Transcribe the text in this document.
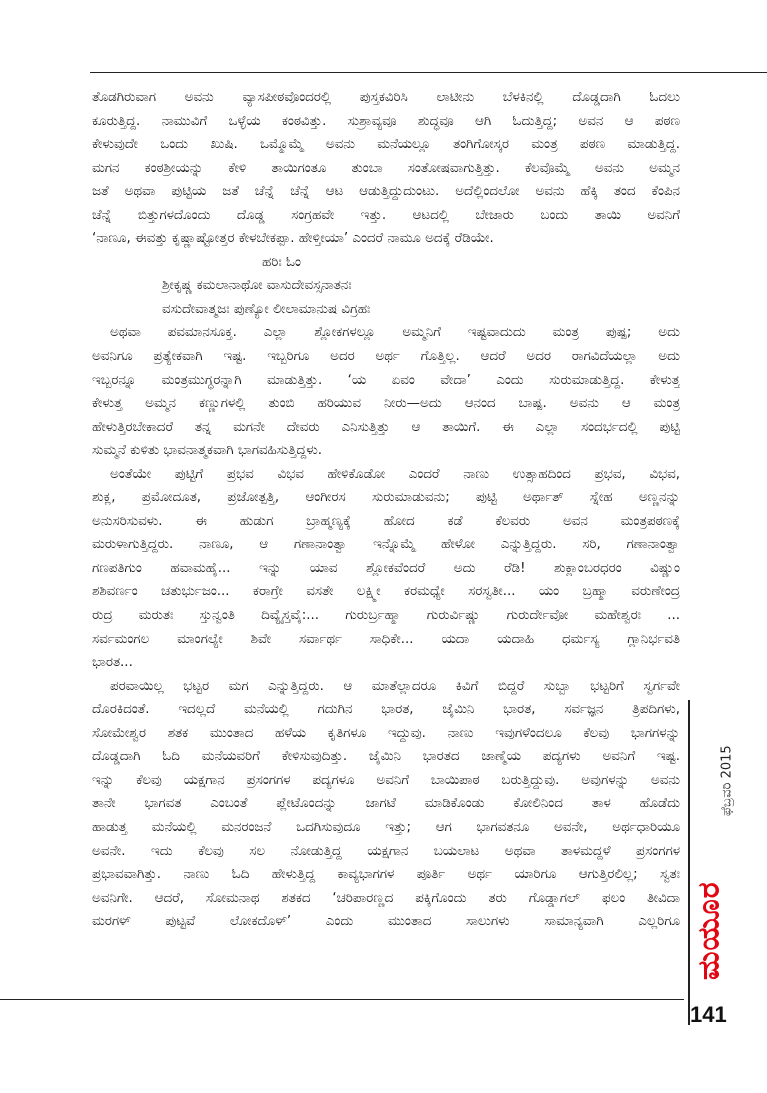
ತೊಡಗಿರುವಾಗ ಅವನು ವ್ಯಾಸಪೀಠವೊಂದರಲ್ಲಿ ಪುಸ್ತಕವಿರಿಸಿ ಲಾಟೀನು ಬೆಳಕಿನಲ್ಲಿ ದೊಡ್ಡದಾಗಿ ಓದಲು
ಕೂರುತ್ತಿದ್ದ. ನಾಮುವಿಗೆ ಒಳ್ಳೆಯ ಕಂಠವಿತ್ತು. ಸುಶ್ರಾವ್ಯವೂ ಶುದ್ಧವೂ ಆಗಿ ಓದುತ್ತಿದ್ದ; ಅವನ ಆ ಪಠಣ
ಕೇಳುವುದೇ ಒಂದು ಖುಷಿ. ಒಮ್ಮೊಮ್ಮೆ ಅವನು ಮನೆಯಲ್ಲೂ ತಂಗಿಗೋಸ್ಕರ ಮಂತ್ರ ಪಠಣ ಮಾಡುತ್ತಿದ್ದ.
ಮಗನ ಕಂಠಶ್ರೀಯನ್ನು ಕೇಳಿ ತಾಯಿಗಂತೂ ತುಂಬಾ ಸಂತೋಷವಾಗುತ್ತಿತ್ತು. ಕೆಲವೊಮ್ಮೆ ಅವನು ಅಮ್ಮನ
ಜತೆ ಅಥವಾ ಪುಟ್ಟಿಯ ಜತೆ ಚೆನ್ನೆ ಚೆನ್ನೆ ಆಟ ಆಡುತ್ತಿದ್ದುದುಂಟು. ಅದೆಲ್ಲಿಂದಲೋ ಅವನು ಹೆಕ್ಕಿ ತಂದ ಕೆಂಪಿನ
ಚೆನ್ನೆ ಬಿತ್ತುಗಳದೊಂದು ದೊಡ್ಡ ಸಂಗ್ರಹವೇ ಇತ್ತು. ಆಟದಲ್ಲಿ ಬೇಜಾರು ಬಂದು ತಾಯಿ ಅವನಿಗೆ
‘ನಾಣೂ, ಈವತ್ತು ಕೃಷ್ಣಾಷ್ಟೋತ್ತರ ಕೇಳಬೇಕಪ್ಪಾ. ಹೇಳ್ತೀಯಾ’ ಎಂದರೆ ನಾಮೂ ಅದಕ್ಕೆ ರೆಡಿಯೇ.
ಹರಿಃ ಓಂ
ಶ್ರೀಕೃಷ್ಣ ಕಮಲಾನಾಥೋ ವಾಸುದೇವಸ್ಸನಾತನಃ
ವಸುದೇವಾತ್ಮಜಃ ಪುಣ್ಯೋ ಲೀಲಾಮಾನುಷ ವಿಗ್ರಹಃ
ಅಥವಾ ಪವಮಾನಸೂಕ್ತ. ಎಲ್ಲಾ ಶ್ಲೋಕಗಳಲ್ಲೂ ಅಮ್ಮನಿಗೆ ಇಷ್ಟವಾದುದು ಮಂತ್ರ ಪುಷ್ಪ; ಅದು
ಅವನಿಗೂ ಪ್ರತ್ಯೇಕವಾಗಿ ಇಷ್ಟ. ಇಬ್ಬರಿಗೂ ಅದರ ಅರ್ಥ ಗೊತ್ತಿಲ್ಲ. ಆದರೆ ಅದರ ರಾಗವಿದೆಯಲ್ಲಾ ಅದು
ಇಬ್ಬರನ್ನೂ ಮಂತ್ರಮುಗ್ಧರನ್ನಾಗಿ ಮಾಡುತ್ತಿತ್ತು. ‘ಯ ಏವಂ ವೇದಾ’ ಎಂದು ಸುರುಮಾಡುತ್ತಿದ್ದ. ಕೇಳುತ್ತ
ಕೇಳುತ್ತ ಅಮ್ಮನ ಕಣ್ಣುಗಳಲ್ಲಿ ತುಂಬಿ ಹರಿಯುವ ನೀರು—ಅದು ಆನಂದ ಬಾಷ್ಪ. ಅವನು ಆ ಮಂತ್ರ
ಹೇಳುತ್ತಿರಬೇಕಾದರೆ ತನ್ನ ಮಗನೇ ದೇವರು ಎನಿಸುತ್ತಿತ್ತು ಆ ತಾಯಿಗೆ. ಈ ಎಲ್ಲಾ ಸಂದರ್ಭದಲ್ಲಿ ಪುಟ್ಟಿ
ಸುಮ್ಮನೆ ಕುಳಿತು ಭಾವನಾತ್ಮಕವಾಗಿ ಭಾಗವಹಿಸುತ್ತಿದ್ದಳು.
ಅಂತೆಯೇ ಪುಟ್ಟಿಗೆ ಪ್ರಭವ ವಿಭವ ಹೇಳಿಕೊಡೋ ಎಂದರೆ ನಾಣು ಉತ್ಸಾಹದಿಂದ ಪ್ರಭವ, ವಿಭವ,
ಶುಕ್ಲ, ಪ್ರಮೋದೂತ, ಪ್ರಜೋತ್ಪತ್ತಿ, ಆಂಗೀರಸ ಸುರುಮಾಡುವನು; ಪುಟ್ಟಿ ಅರ್ಥಾತ್ ಸ್ನೇಹ ಅಣ್ಣನನ್ನು
ಅನುಸರಿಸುವಳು. ಈ ಹುಡುಗ ಬ್ರಾಹ್ಮಣ್ಯಕ್ಕೆ ಹೋದ ಕಡೆ ಕೆಲವರು ಅವನ ಮಂತ್ರಪಠಣಕ್ಕೆ
ಮರುಳಾಗುತ್ತಿದ್ದರು. ನಾಣೂ, ಆ ಗಣಾನಾಂತ್ವಾ ಇನ್ನೊಮ್ಮೆ ಹೇಳೋ ಎನ್ನುತ್ತಿದ್ದರು. ಸರಿ, ಗಣಾನಾಂತ್ವಾ
ಗಣಪತಿಗುಂ ಹವಾಮಹೈ... ಇನ್ನು ಯಾವ ಶ್ಲೋಕವೆಂದರೆ ಅದು ರೆಡಿ! ಶುಕ್ಲಾಂಬರಧರಂ ವಿಷ್ಣುಂ
ಶಶಿವರ್ಣಂ ಚತುರ್ಭುಜಂ... ಕರಾಗ್ರೇ ವಸತೇ ಲಕ್ಷ್ಮೀ ಕರಮಧ್ಯೇ ಸರಸ್ವತೀ... ಯಂ ಬ್ರಹ್ಮಾ ವರುಣೇಂದ್ರ
ರುದ್ರ ಮರುತಃ ಸ್ತುನ್ವಂತಿ ದಿವ್ಯೈಸ್ತವೈ:... ಗುರುರ್ಬ್ರಹ್ಮಾ ಗುರುರ್ವಿಷ್ಣು ಗುರುರ್ದೇವೋ ಮಹೇಶ್ವರಃ ...
ಸರ್ವಮಂಗಲ ಮಾಂಗಲ್ಯೇ ಶಿವೇ ಸರ್ವಾರ್ಥ ಸಾಧಿಕೇ... ಯದಾ ಯದಾಹಿ ಧರ್ಮಸ್ಯ ಗ್ಲಾನಿರ್ಭವತಿ
ಭಾರತ...
ಪರವಾಯಿಲ್ಲ ಭಟ್ಟರ ಮಗ ಎನ್ನುತ್ತಿದ್ದರು. ಆ ಮಾತೆಲ್ಲಾದರೂ ಕಿವಿಗೆ ಬಿದ್ದರೆ ಸುಬ್ಬಾ ಭಟ್ಟರಿಗೆ ಸ್ವರ್ಗವೇ
ದೊರಕಿದಂತೆ. ಇದಲ್ಲದೆ ಮನೆಯಲ್ಲಿ ಗದುಗಿನ ಭಾರತ, ಜೈಮಿನಿ ಭಾರತ, ಸರ್ವಜ್ಞನ ತ್ರಿಪದಿಗಳು,
ಸೋಮೇಶ್ವರ ಶತಕ ಮುಂತಾದ ಹಳೆಯ ಕೃತಿಗಳೂ ಇದ್ದುವು. ನಾಣು ಇವುಗಳೆಂದಲೂ ಕೆಲವು ಭಾಗಗಳನ್ನು
ದೊಡ್ಡದಾಗಿ ಓದಿ ಮನೆಯವರಿಗೆ ಕೇಳಿಸುವುದಿತ್ತು. ಜೈಮಿನಿ ಭಾರತದ ಜಾಣ್ಮೆಯ ಪದ್ಯಗಳು ಅವನಿಗೆ ಇಷ್ಟ.
ಇನ್ನು ಕೆಲವು ಯಕ್ಷಗಾನ ಪ್ರಸಂಗಗಳ ಪದ್ಯಗಳೂ ಅವನಿಗೆ ಬಾಯಿಪಾಠ ಬರುತ್ತಿದ್ದುವು. ಅವುಗಳನ್ನು ಅವನು
ತಾನೇ ಭಾಗವತ ಎಂಬಂತೆ ಪ್ಲೇಟೊಂದನ್ನು ಜಾಗಟೆ ಮಾಡಿಕೊಂಡು ಕೋಲಿನಿಂದ ತಾಳ ಹೊಡೆದು
ಹಾಡುತ್ತ ಮನೆಯಲ್ಲಿ ಮನರಂಜನೆ ಒದಗಿಸುವುದೂ ಇತ್ತು; ಆಗ ಭಾಗವತನೂ ಅವನೇ, ಅರ್ಥಧಾರಿಯೂ
ಅವನೇ. ಇದು ಕೆಲವು ಸಲ ನೋಡುತ್ತಿದ್ದ ಯಕ್ಷಗಾನ ಬಯಲಾಟ ಅಥವಾ ತಾಳಮದ್ದಳೆ ಪ್ರಸಂಗಗಳ
ಪ್ರಭಾವವಾಗಿತ್ತು. ನಾಣು ಓದಿ ಹೇಳುತ್ತಿದ್ದ ಕಾವ್ಯಭಾಗಗಳ ಪೂರ್ತಿ ಅರ್ಥ ಯಾರಿಗೂ ಆಗುತ್ತಿರಲಿಲ್ಲ; ಸ್ವತಃ
ಅವನಿಗೇ. ಆದರೆ, ಸೋಮನಾಥ ಶತಕದ ‘ಚರಿಪಾರಣ್ಣದ ಪಕ್ಕಿಗೊಂದು ತರು ಗೊಡ್ಡಾಗಲ್ ಫಲಂ ತೀವಿದಾ
ಮರಗಳ್ ಪುಟ್ಟವೆ ಲೋಕದೊಳ್’ ಎಂದು ಮುಂತಾದ ಸಾಲುಗಳು ಸಾಮಾನ್ಯವಾಗಿ ಎಲ್ಲರಿಗೂ
ಫೆಬ್ರವರಿ 2015
ಮಯೂರ
141
